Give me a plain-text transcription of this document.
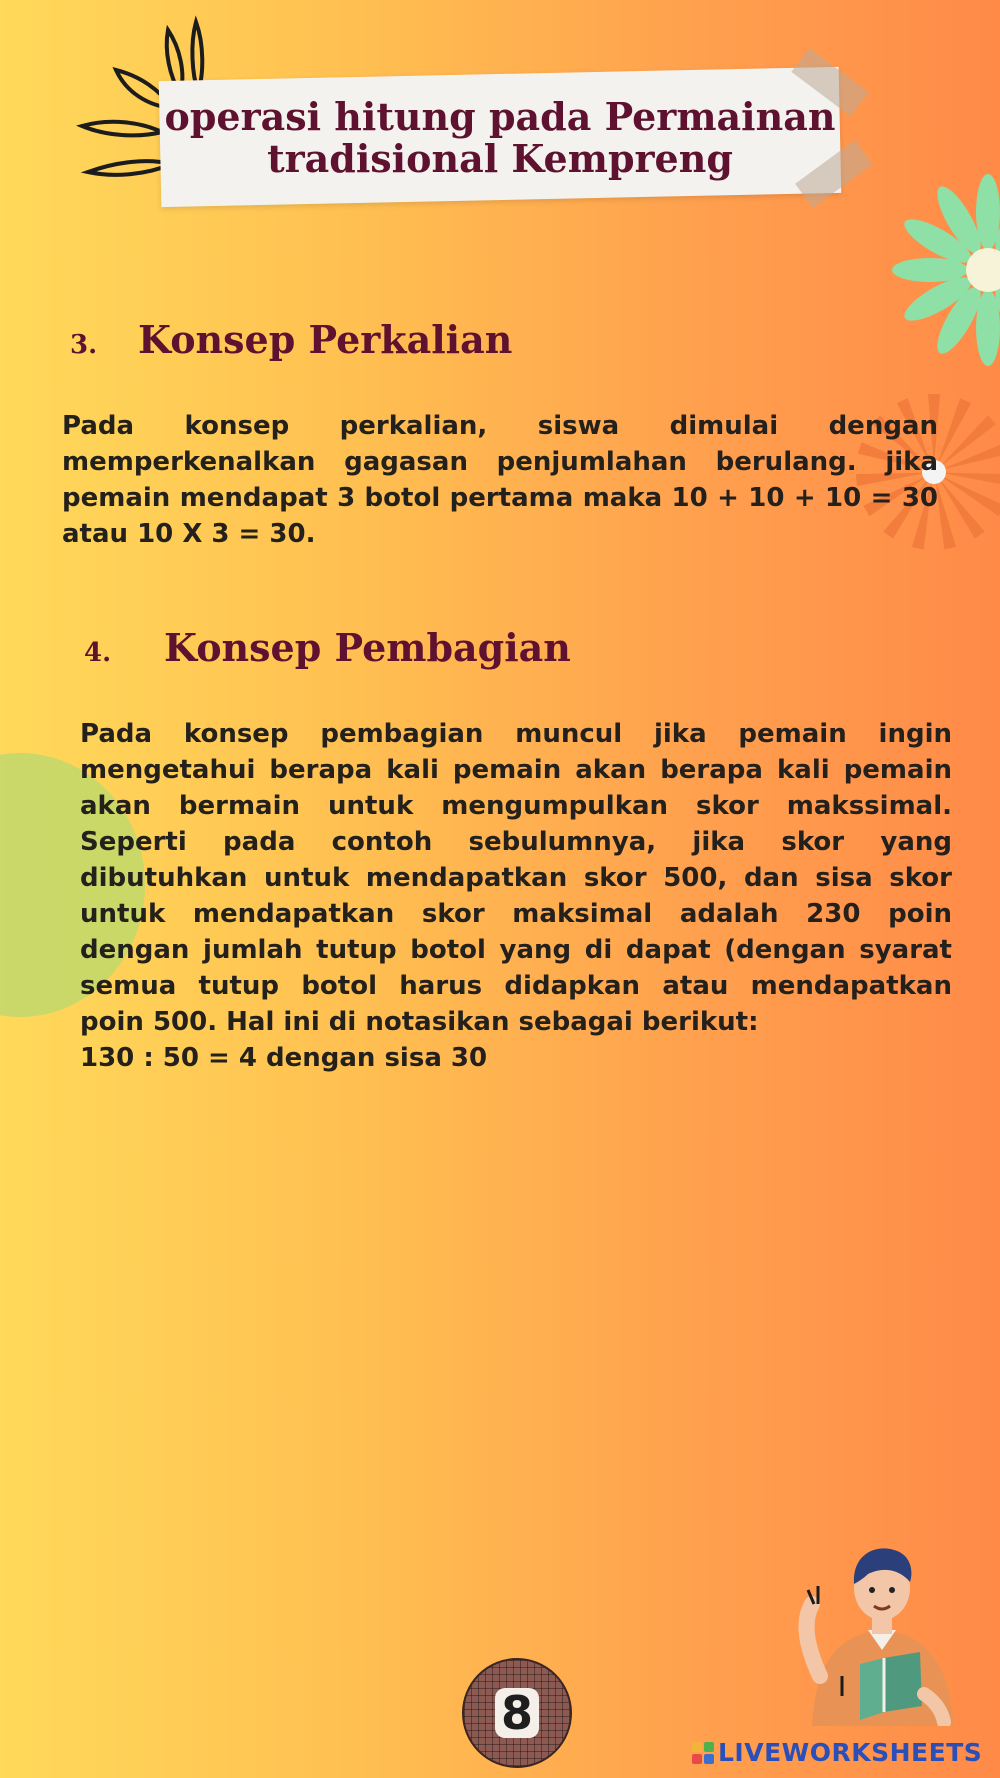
operasi hitung pada Permainan
tradisional Kempreng
3. Konsep Perkalian
Pada konsep perkalian, siswa dimulai dengan
memperkenalkan gagasan penjumlahan berulang. jika
pemain mendapat 3 botol pertama maka 10 + 10 + 10 = 30
atau 10 X 3 = 30.
4. Konsep Pembagian
Pada konsep pembagian muncul jika pemain ingin
mengetahui berapa kali pemain akan berapa kali pemain
akan bermain untuk mengumpulkan skor makssimal.
Seperti pada contoh sebulumnya, jika skor yang
dibutuhkan untuk mendapatkan skor 500, dan sisa skor
untuk mendapatkan skor maksimal adalah 230 poin
dengan jumlah tutup botol yang di dapat (dengan syarat
semua tutup botol harus didapkan atau mendapatkan
poin 500. Hal ini di notasikan sebagai berikut:
130 : 50 = 4 dengan sisa 30
8
LIVEWORKSHEETS
